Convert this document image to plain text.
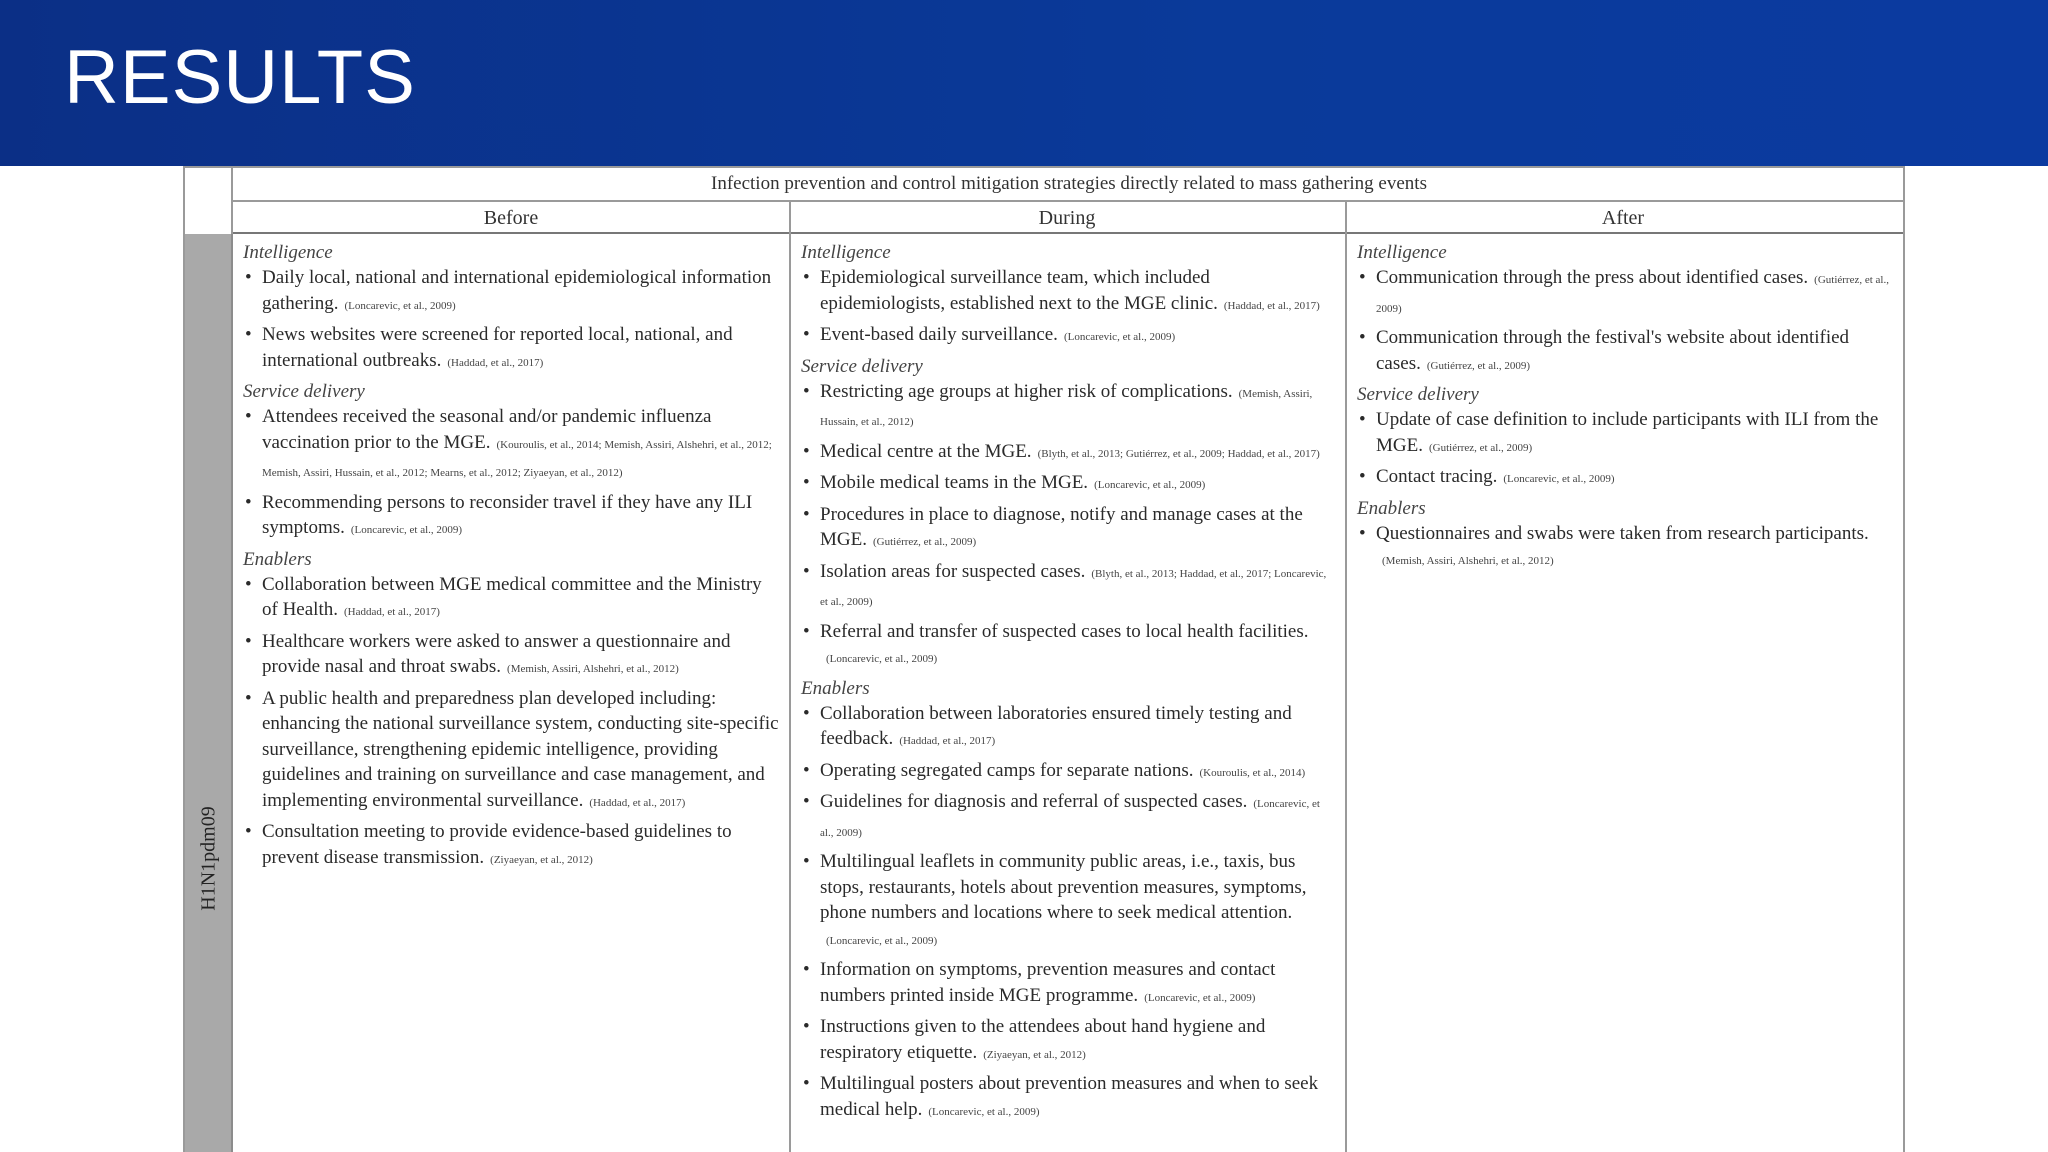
RESULTS
H1N1pdm09
Infection prevention and control mitigation strategies directly related to mass gathering events
Before	During	After
Intelligence
• Daily local, national and international epidemiological information gathering. (Loncarevic, et al., 2009)
• News websites were screened for reported local, national, and international outbreaks. (Haddad, et al., 2017)
Service delivery
• Attendees received the seasonal and/or pandemic influenza vaccination prior to the MGE. (Kouroulis, et al., 2014; Memish, Assiri, Alshehri, et al., 2012; Memish, Assiri, Hussain, et al., 2012; Mearns, et al., 2012; Ziyaeyan, et al., 2012)
• Recommending persons to reconsider travel if they have any ILI symptoms. (Loncarevic, et al., 2009)
Enablers
• Collaboration between MGE medical committee and the Ministry of Health. (Haddad, et al., 2017)
• Healthcare workers were asked to answer a questionnaire and provide nasal and throat swabs. (Memish, Assiri, Alshehri, et al., 2012)
• A public health and preparedness plan developed including: enhancing the national surveillance system, conducting site-specific surveillance, strengthening epidemic intelligence, providing guidelines and training on surveillance and case management, and implementing environmental surveillance. (Haddad, et al., 2017)
• Consultation meeting to provide evidence-based guidelines to prevent disease transmission. (Ziyaeyan, et al., 2012)
Intelligence
• Epidemiological surveillance team, which included epidemiologists, established next to the MGE clinic. (Haddad, et al., 2017)
• Event-based daily surveillance. (Loncarevic, et al., 2009)
Service delivery
• Restricting age groups at higher risk of complications. (Memish, Assiri, Hussain, et al., 2012)
• Medical centre at the MGE. (Blyth, et al., 2013; Gutiérrez, et al., 2009; Haddad, et al., 2017)
• Mobile medical teams in the MGE. (Loncarevic, et al., 2009)
• Procedures in place to diagnose, notify and manage cases at the MGE. (Gutiérrez, et al., 2009)
• Isolation areas for suspected cases. (Blyth, et al., 2013; Haddad, et al., 2017; Loncarevic, et al., 2009)
• Referral and transfer of suspected cases to local health facilities.(Loncarevic, et al., 2009)
Enablers
• Collaboration between laboratories ensured timely testing and feedback. (Haddad, et al., 2017)
• Operating segregated camps for separate nations. (Kouroulis, et al., 2014)
• Guidelines for diagnosis and referral of suspected cases. (Loncarevic, et al., 2009)
• Multilingual leaflets in community public areas, i.e., taxis, bus stops, restaurants, hotels about prevention measures, symptoms, phone numbers and locations where to seek medical attention.(Loncarevic, et al., 2009)
• Information on symptoms, prevention measures and contact numbers printed inside MGE programme. (Loncarevic, et al., 2009)
• Instructions given to the attendees about hand hygiene and respiratory etiquette. (Ziyaeyan, et al., 2012)
• Multilingual posters about prevention measures and when to seek medical help. (Loncarevic, et al., 2009)
Intelligence
• Communication through the press about identified cases. (Gutiérrez, et al., 2009)
• Communication through the festival's website about identified cases. (Gutiérrez, et al., 2009)
Service delivery
• Update of case definition to include participants with ILI from the MGE. (Gutiérrez, et al., 2009)
• Contact tracing. (Loncarevic, et al., 2009)
Enablers
• Questionnaires and swabs were taken from research participants.(Memish, Assiri, Alshehri, et al., 2012)
